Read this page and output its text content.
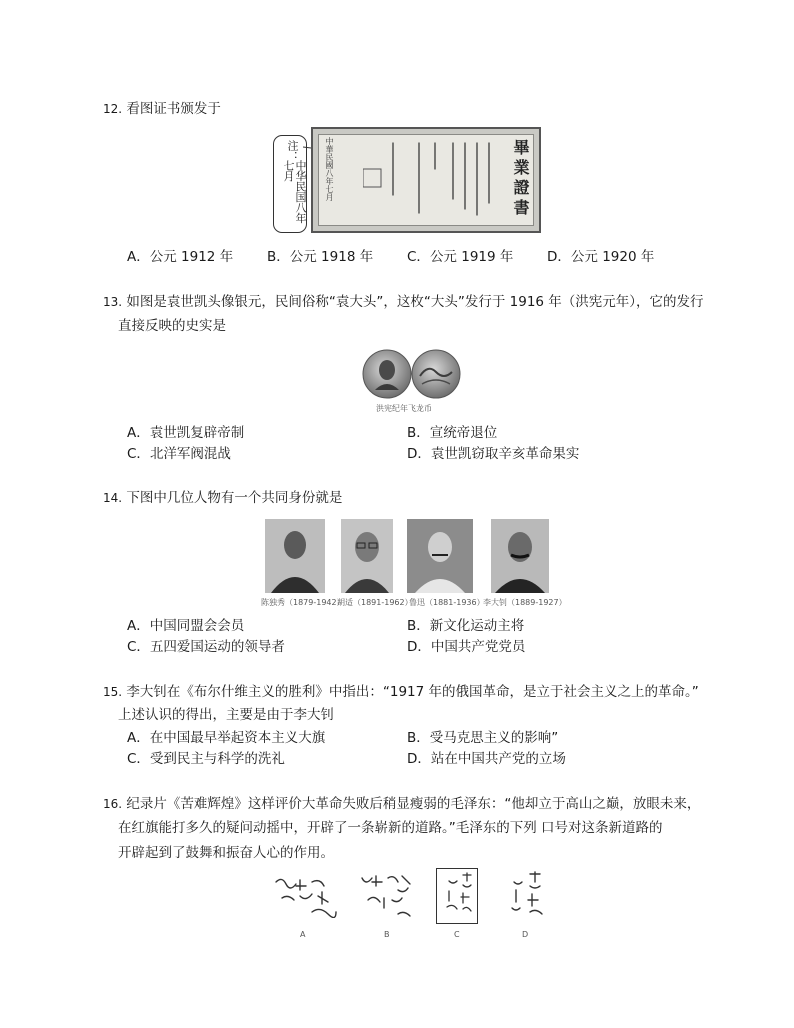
12. 看图证书颁发于
注：
中华民国八年七月	畢業證書
中華民國八年七月
A．公元 1912 年	B．公元 1918 年	C．公元 1919 年 D．公元 1920 年
13. 如图是袁世凯头像银元，民间俗称“袁大头”，这枚“大头”发行于 1916 年（洪宪元年），它的发行
直接反映的史实是
洪宪纪年飞龙币
A．袁世凯复辟帝制	B．宣统帝退位
C．北洋军阀混战	D．袁世凯窃取辛亥革命果实
14. 下图中几位人物有一个共同身份就是
陈独秀（1879-1942）
胡适（1891-1962）
鲁迅（1881-1936）
李大钊（1889-1927）
A．中国同盟会会员	B．新文化运动主将
C．五四爱国运动的领导者	D．中国共产党党员
15. 李大钊在《布尔什维主义的胜利》中指出：“1917 年的俄国革命，是立于社会主义之上的革命。”
上述认识的得出，主要是由于李大钊
A．在中国最早举起资本主义大旗	B．受马克思主义的影响”
C．受到民主与科学的洗礼	D．站在中国共产党的立场
16. 纪录片《苦难辉煌》这样评价大革命失败后稍显瘦弱的毛泽东：“他却立于高山之巅，放眼未来，
在红旗能打多久的疑问动摇中，开辟了一条崭新的道路。”毛泽东的下列 口号对这条新道路的
开辟起到了鼓舞和振奋人心的作用。
A	B	C	D
